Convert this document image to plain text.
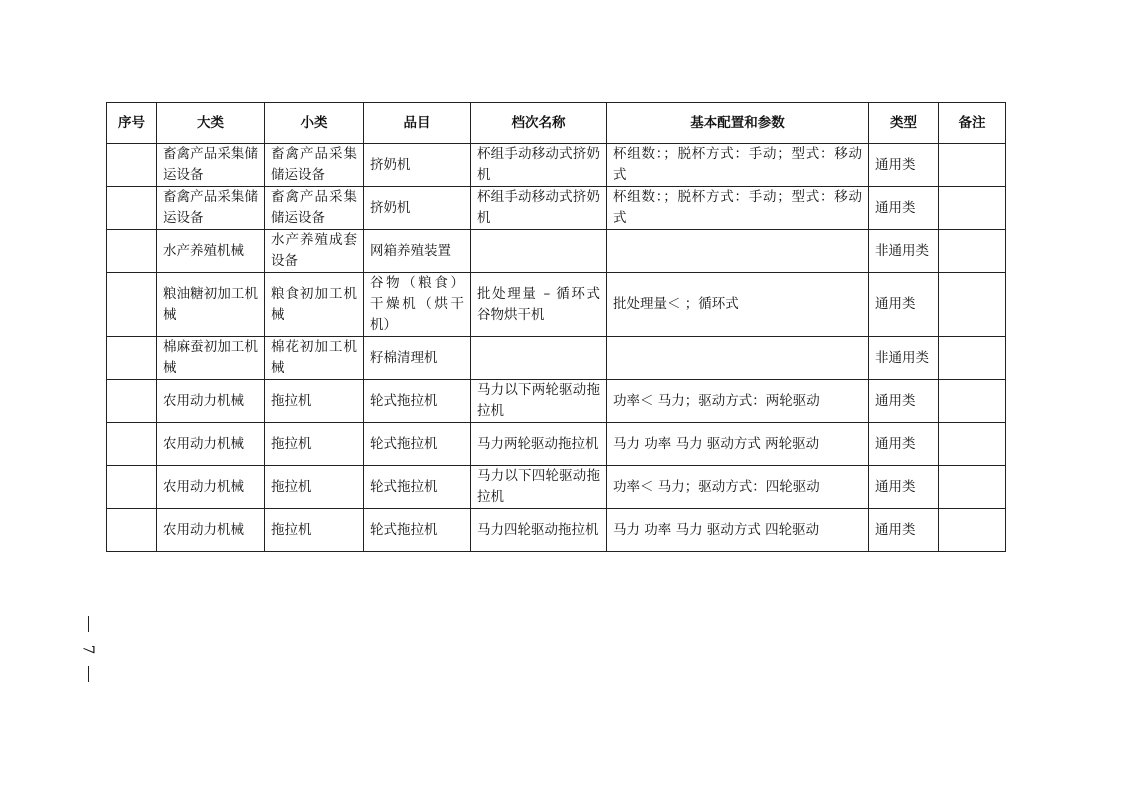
序号	大类	小类	品目	档次名称	基本配置和参数	类型	备注
	畜禽产品采集储运设备	畜禽产品采集储运设备	挤奶机	杯组手动移动式挤奶机	杯组数：；脱杯方式：手动；型式：移动式	通用类	
	畜禽产品采集储运设备	畜禽产品采集储运设备	挤奶机	杯组手动移动式挤奶机	杯组数：；脱杯方式：手动；型式：移动式	通用类	
	水产养殖机械	水产养殖成套设备	网箱养殖装置			非通用类	
	粮油糖初加工机械	粮食初加工机械	谷物（粮食）干燥机（烘干机）	批处理量 – 循环式谷物烘干机	批处理量＜ ；循环式	通用类	
	棉麻蚕初加工机械	棉花初加工机械	籽棉清理机			非通用类	
	农用动力机械	拖拉机	轮式拖拉机	马力以下两轮驱动拖拉机	功率＜ 马力；驱动方式：两轮驱动	通用类	
	农用动力机械	拖拉机	轮式拖拉机	马力两轮驱动拖拉机	马力 功率 马力 驱动方式 两轮驱动	通用类	
	农用动力机械	拖拉机	轮式拖拉机	马力以下四轮驱动拖拉机	功率＜ 马力；驱动方式：四轮驱动	通用类	
	农用动力机械	拖拉机	轮式拖拉机	马力四轮驱动拖拉机	马力 功率 马力 驱动方式 四轮驱动	通用类	
7
